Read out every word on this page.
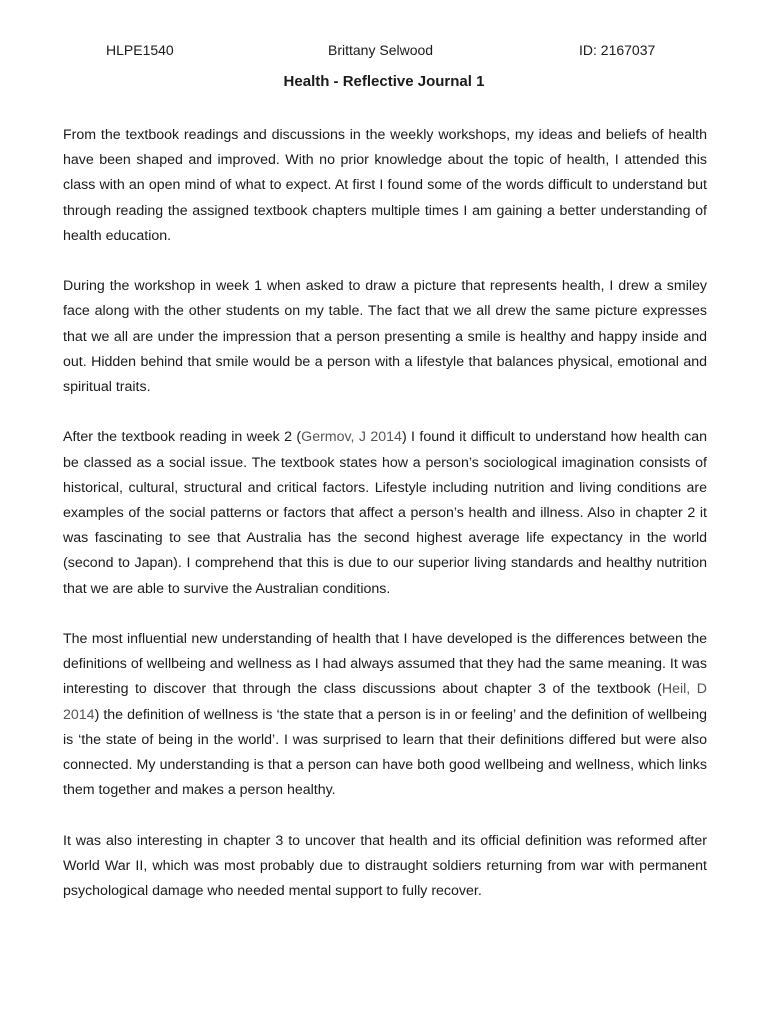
HLPE1540	Brittany Selwood	ID: 2167037
Health - Reflective Journal 1

From the textbook readings and discussions in the weekly workshops, my ideas and beliefs of health have been shaped and improved. With no prior knowledge about the topic of health, I attended this class with an open mind of what to expect. At first I found some of the words difficult to understand but through reading the assigned textbook chapters multiple times I am gaining a better understanding of health education.

During the workshop in week 1 when asked to draw a picture that represents health, I drew a smiley face along with the other students on my table. The fact that we all drew the same picture expresses that we all are under the impression that a person presenting a smile is healthy and happy inside and out. Hidden behind that smile would be a person with a lifestyle that balances physical, emotional and spiritual traits.

After the textbook reading in week 2 (Germov, J 2014) I found it difficult to understand how health can be classed as a social issue. The textbook states how a person’s sociological imagination consists of historical, cultural, structural and critical factors. Lifestyle including nutrition and living conditions are examples of the social patterns or factors that affect a person’s health and illness. Also in chapter 2 it was fascinating to see that Australia has the second highest average life expectancy in the world (second to Japan). I comprehend that this is due to our superior living standards and healthy nutrition that we are able to survive the Australian conditions.

The most influential new understanding of health that I have developed is the differences between the definitions of wellbeing and wellness as I had always assumed that they had the same meaning. It was interesting to discover that through the class discussions about chapter 3 of the textbook (Heil, D 2014) the definition of wellness is ‘the state that a person is in or feeling’ and the definition of wellbeing is ‘the state of being in the world’. I was surprised to learn that their definitions differed but were also connected. My understanding is that a person can have both good wellbeing and wellness, which links them together and makes a person healthy.

It was also interesting in chapter 3 to uncover that health and its official definition was reformed after World War II, which was most probably due to distraught soldiers returning from war with permanent psychological damage who needed mental support to fully recover.
